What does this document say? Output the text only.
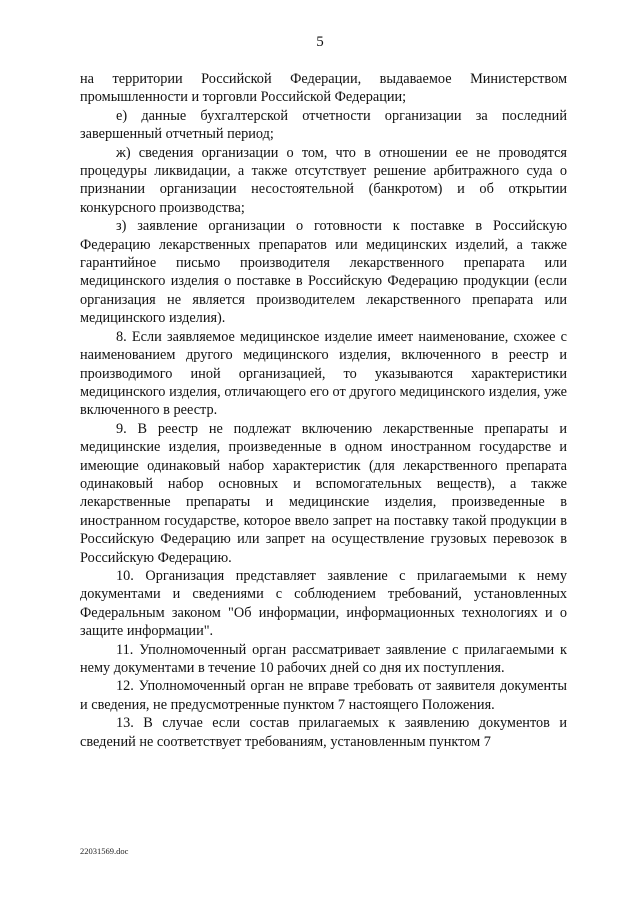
5

на территории Российской Федерации, выдаваемое Министерством промышленности и торговли Российской Федерации;

е) данные бухгалтерской отчетности организации за последний завершенный отчетный период;

ж) сведения организации о том, что в отношении ее не проводятся процедуры ликвидации, а также отсутствует решение арбитражного суда о признании организации несостоятельной (банкротом) и об открытии конкурсного производства;

з) заявление организации о готовности к поставке в Российскую Федерацию лекарственных препаратов или медицинских изделий, а также гарантийное письмо производителя лекарственного препарата или медицинского изделия о поставке в Российскую Федерацию продукции (если организация не является производителем лекарственного препарата или медицинского изделия).

8. Если заявляемое медицинское изделие имеет наименование, схожее с наименованием другого медицинского изделия, включенного в реестр и производимого иной организацией, то указываются характеристики медицинского изделия, отличающего его от другого медицинского изделия, уже включенного в реестр.

9. В реестр не подлежат включению лекарственные препараты и медицинские изделия, произведенные в одном иностранном государстве и имеющие одинаковый набор характеристик (для лекарственного препарата одинаковый набор основных и вспомогательных веществ), а также лекарственные препараты и медицинские изделия, произведенные в иностранном государстве, которое ввело запрет на поставку такой продукции в Российскую Федерацию или запрет на осуществление грузовых перевозок в Российскую Федерацию.

10. Организация представляет заявление с прилагаемыми к нему документами и сведениями с соблюдением требований, установленных Федеральным законом "Об информации, информационных технологиях и о защите информации".

11. Уполномоченный орган рассматривает заявление с прилагаемыми к нему документами в течение 10 рабочих дней со дня их поступления.

12. Уполномоченный орган не вправе требовать от заявителя документы и сведения, не предусмотренные пунктом 7 настоящего Положения.

13. В случае если состав прилагаемых к заявлению документов и сведений не соответствует требованиям, установленным пунктом 7

22031569.doc
